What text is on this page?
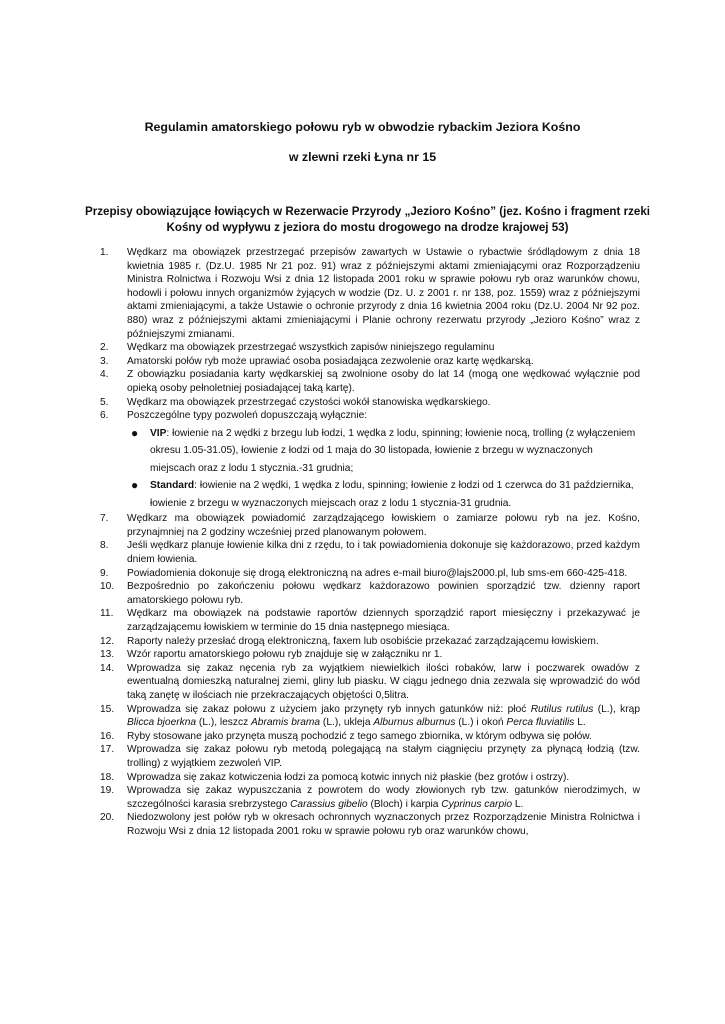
Regulamin amatorskiego połowu ryb w obwodzie rybackim Jeziora Kośno
w zlewni rzeki Łyna nr 15
Przepisy obowiązujące łowiących w Rezerwacie Przyrody „Jezioro Kośno” (jez. Kośno i fragment rzeki Kośny od wypływu z jeziora do mostu drogowego na drodze krajowej 53)
1.	Wędkarz ma obowiązek przestrzegać przepisów zawartych w Ustawie o rybactwie śródlądowym z dnia 18 kwietnia 1985 r. (Dz.U. 1985 Nr 21 poz. 91) wraz z późniejszymi aktami zmieniającymi oraz Rozporządzeniu Ministra Rolnictwa i Rozwoju Wsi z dnia 12 listopada 2001 roku w sprawie połowu ryb oraz warunków chowu, hodowli i połowu innych organizmów żyjących w wodzie (Dz. U. z 2001 r. nr 138, poz. 1559) wraz z późniejszymi aktami zmieniającymi, a także Ustawie o ochronie przyrody z dnia 16 kwietnia 2004 roku (Dz.U. 2004 Nr 92 poz. 880) wraz z późniejszymi aktami zmieniającymi i Planie ochrony rezerwatu przyrody „Jezioro Kośno” wraz z późniejszymi zmianami.
2.	Wędkarz ma obowiązek przestrzegać wszystkich zapisów niniejszego regulaminu
3.	Amatorski połów ryb może uprawiać osoba posiadająca zezwolenie oraz kartę wędkarską.
4.	Z obowiązku posiadania karty wędkarskiej są zwolnione osoby do lat 14 (mogą one wędkować wyłącznie pod opieką osoby pełnoletniej posiadającej taką kartę).
5.	Wędkarz ma obowiązek przestrzegać czystości wokół stanowiska wędkarskiego.
6.	Poszczególne typy pozwoleń dopuszczają wyłącznie:
●	VIP: łowienie na 2 wędki z brzegu lub łodzi, 1 wędka z lodu, spinning; łowienie nocą, trolling (z wyłączeniem okresu 1.05-31.05), łowienie z łodzi od 1 maja do 30 listopada, łowienie z brzegu w wyznaczonych miejscach oraz z lodu 1 stycznia.-31 grudnia;
●	Standard: łowienie na 2 wędki, 1 wędka z lodu, spinning; łowienie z łodzi od 1 czerwca do 31 października, łowienie z brzegu w wyznaczonych miejscach oraz z lodu 1 stycznia-31 grudnia.
7.	Wędkarz ma obowiązek powiadomić zarządzającego łowiskiem o zamiarze połowu ryb na jez. Kośno, przynajmniej na 2 godziny wcześniej przed planowanym połowem.
8.	Jeśli wędkarz planuje łowienie kilka dni z rzędu, to i tak powiadomienia dokonuje się każdorazowo, przed każdym dniem łowienia.
9.	Powiadomienia dokonuje się drogą elektroniczną na adres e-mail biuro@lajs2000.pl, lub sms-em 660-425-418.
10.	Bezpośrednio po zakończeniu połowu wędkarz każdorazowo powinien sporządzić tzw. dzienny raport amatorskiego połowu ryb.
11.	Wędkarz ma obowiązek na podstawie raportów dziennych sporządzić raport miesięczny i przekazywać je zarządzającemu łowiskiem w terminie do 15 dnia następnego miesiąca.
12.	Raporty należy przesłać drogą elektroniczną, faxem lub osobiście przekazać zarządzającemu łowiskiem.
13.	Wzór raportu amatorskiego połowu ryb znajduje się w załączniku nr 1.
14.	Wprowadza się zakaz nęcenia ryb za wyjątkiem niewielkich ilości robaków, larw i poczwarek owadów z ewentualną domieszką naturalnej ziemi, gliny lub piasku. W ciągu jednego dnia zezwala się wprowadzić do wód taką zanętę w ilościach nie przekraczających objętości 0,5litra.
15.	Wprowadza się zakaz połowu z użyciem jako przynęty ryb innych gatunków niż: płoć Rutilus rutilus (L.), krąp Blicca bjoerkna (L.), leszcz Abramis brama (L.), ukleja Alburnus alburnus (L.) i okoń Perca fluviatilis L.
16.	Ryby stosowane jako przynęta muszą pochodzić z tego samego zbiornika, w którym odbywa się połów.
17.	Wprowadza się zakaz połowu ryb metodą polegającą na stałym ciągnięciu przynęty za płynącą łodzią (tzw. trolling) z wyjątkiem zezwoleń VIP.
18.	Wprowadza się zakaz kotwiczenia łodzi za pomocą kotwic innych niż płaskie (bez grotów i ostrzy).
19.	Wprowadza się zakaz wypuszczania z powrotem do wody złowionych ryb tzw. gatunków nierodzimych, w szczególności karasia srebrzystego Carassius gibelio (Bloch) i karpia Cyprinus carpio L.
20.	Niedozwolony jest połów ryb w okresach ochronnych wyznaczonych przez Rozporządzenie Ministra Rolnictwa i Rozwoju Wsi z dnia 12 listopada 2001 roku w sprawie połowu ryb oraz warunków chowu,
